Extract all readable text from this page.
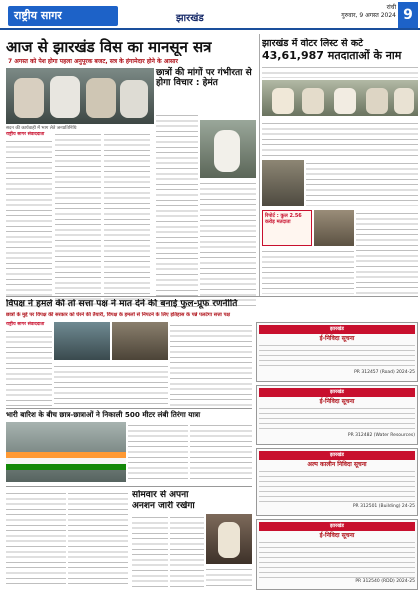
राष्ट्रीय सागर	झारखंड
रांची
गुरुवार, 9 अगस्त 2024 9
आज से झारखंड विस का मानसून सत्र
7 अगस्त को पेश होगा पहला अनुपूरक बजट, सत्र के हंगामेदार होने के आसार
सदन की कार्यवाही में भाग लेते जनप्रतिनिधि
छात्रों की मांगों पर गंभीरता से होगा विचार : हेमंत
राष्ट्रीय सागर संवाददाता
झारखंड में वोटर लिस्ट से कटे
43,61,987 मतदाताओं के नाम
रिपोर्ट : कुल 2.56 करोड़ मतदाता
विपक्ष ने हमले की तो सत्ता पक्ष ने मात देने की बनाई फुल-प्रूफ रणनीति
छात्रों के मुद्दे पर विपक्ष की सरकार को घेरने की तैयारी, विपक्ष के हमलों से निपटने के लिए इतिहास के पन्ने पलटेगा सत्ता पक्ष
राष्ट्रीय सागर संवाददाता
झारखंड
ई-निविदा सूचना
PR 312457 (Road) 2024-25
झारखंड
ई-निविदा सूचना
PR 312482 (Water Resources)
भारी बारिश के बीच छात्र-छात्राओं ने निकाली 500 मीटर लंबी तिरंगा यात्रा
सोमवार से अपना
अनशन जारी रखेगा
झारखंड
अल्प कालीन निविदा सूचना
PR 312501 (Building) 24-25
झारखंड
ई-निविदा सूचना
PR 312540 (RDD) 2024-25
